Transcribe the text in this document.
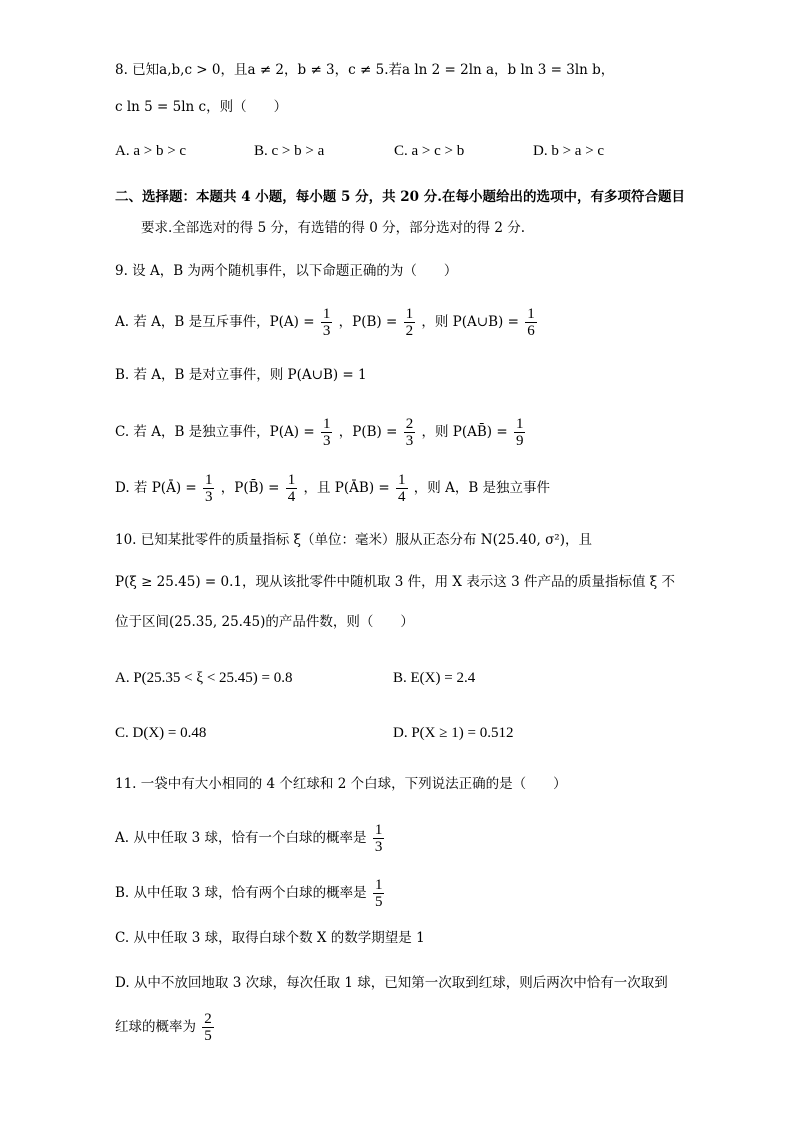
8. 已知a,b,c > 0，且a ≠ 2，b ≠ 3，c ≠ 5.若a ln 2 = 2ln a，b ln 3 = 3ln b，
c ln 5 = 5ln c，则（　　）
A. a > b > c	B. c > b > a	C. a > c > b	D. b > a > c
二、选择题：本题共 4 小题，每小题 5 分，共 20 分.在每小题给出的选项中，有多项符合题目
要求.全部选对的得 5 分，有选错的得 0 分，部分选对的得 2 分.
9. 设 A，B 为两个随机事件，以下命题正确的为（　　）
A. 若 A，B 是互斥事件，$P(A) = \frac{1}{3}$ ，$P(B) = \frac{1}{2}$ ，则 P(A∪B) = $\frac{1}{6}$
B. 若 A，B 是对立事件，则 P(A∪B) = 1
C. 若 A，B 是独立事件，$P(A) = \frac{1}{3}$ ，$P(B) = \frac{2}{3}$ ，则 P(AB̄) = $\frac{1}{9}$
D. 若 P(Ā) = $\frac{1}{3}$ ，P(B̄) = $\frac{1}{4}$ ，且 P(ĀB) = $\frac{1}{4}$ ，则 A，B 是独立事件
10. 已知某批零件的质量指标 ξ（单位：毫米）服从正态分布 N(25.40, σ²)，且
P(ξ ≥ 25.45) = 0.1，现从该批零件中随机取 3 件，用 X 表示这 3 件产品的质量指标值 ξ 不
位于区间(25.35, 25.45)的产品件数，则（　　）
A. P(25.35 < ξ < 25.45) = 0.8	B. E(X) = 2.4
C. D(X) = 0.48	D. P(X ≥ 1) = 0.512
11. 一袋中有大小相同的 4 个红球和 2 个白球，下列说法正确的是（　　）
A. 从中任取 3 球，恰有一个白球的概率是 $\frac{1}{3}$
B. 从中任取 3 球，恰有两个白球的概率是 $\frac{1}{5}$
C. 从中任取 3 球，取得白球个数 X 的数学期望是 1
D. 从中不放回地取 3 次球，每次任取 1 球，已知第一次取到红球，则后两次中恰有一次取到
红球的概率为 $\frac{2}{5}$
